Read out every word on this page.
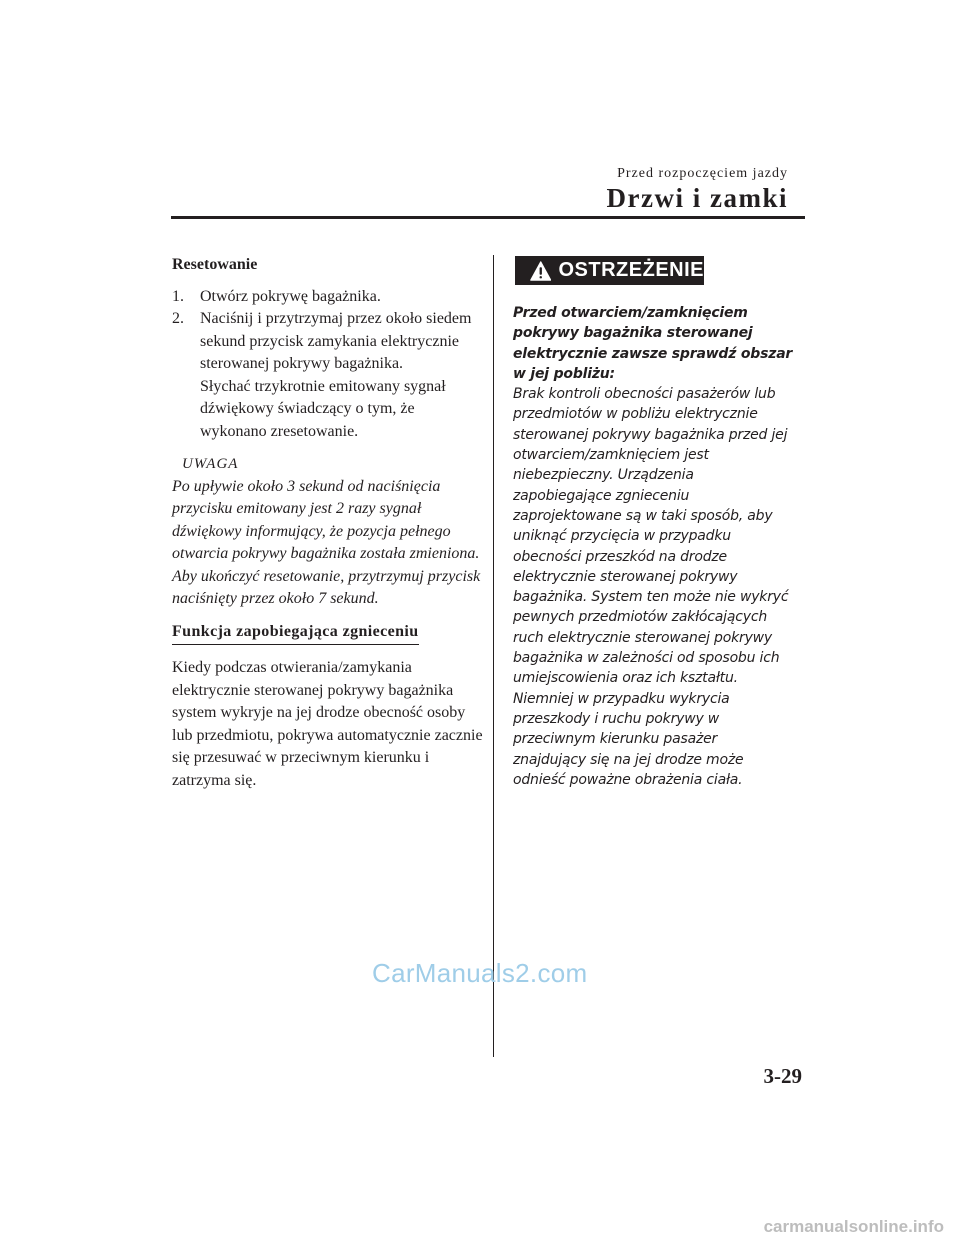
Przed rozpoczęciem jazdy
Drzwi i zamki
Resetowanie
1. Otwórz pokrywę bagażnika.
2. Naciśnij i przytrzymaj przez około siedem sekund przycisk zamykania elektrycznie sterowanej pokrywy bagażnika.
Słychać trzykrotnie emitowany sygnał dźwiękowy świadczący o tym, że wykonano zresetowanie.
UWAGA
Po upływie około 3 sekund od naciśnięcia przycisku emitowany jest 2 razy sygnał dźwiękowy informujący, że pozycja pełnego otwarcia pokrywy bagażnika została zmieniona. Aby ukończyć resetowanie, przytrzymuj przycisk naciśnięty przez około 7 sekund.
Funkcja zapobiegająca zgnieceniu
Kiedy podczas otwierania/zamykania elektrycznie sterowanej pokrywy bagażnika system wykryje na jej drodze obecność osoby lub przedmiotu, pokrywa automatycznie zacznie się przesuwać w przeciwnym kierunku i zatrzyma się.
OSTRZEŻENIE
Przed otwarciem/zamknięciem pokrywy bagażnika sterowanej elektrycznie zawsze sprawdź obszar w jej pobliżu:
Brak kontroli obecności pasażerów lub przedmiotów w pobliżu elektrycznie sterowanej pokrywy bagażnika przed jej otwarciem/zamknięciem jest niebezpieczny. Urządzenia zapobiegające zgnieceniu zaprojektowane są w taki sposób, aby uniknąć przycięcia w przypadku obecności przeszkód na drodze elektrycznie sterowanej pokrywy bagażnika. System ten może nie wykryć pewnych przedmiotów zakłócających ruch elektrycznie sterowanej pokrywy bagażnika w zależności od sposobu ich umiejscowienia oraz ich kształtu. Niemniej w przypadku wykrycia przeszkody i ruchu pokrywy w przeciwnym kierunku pasażer znajdujący się na jej drodze może odnieść poważne obrażenia ciała.
CarManuals2.com
3-29
carmanualsonline.info
